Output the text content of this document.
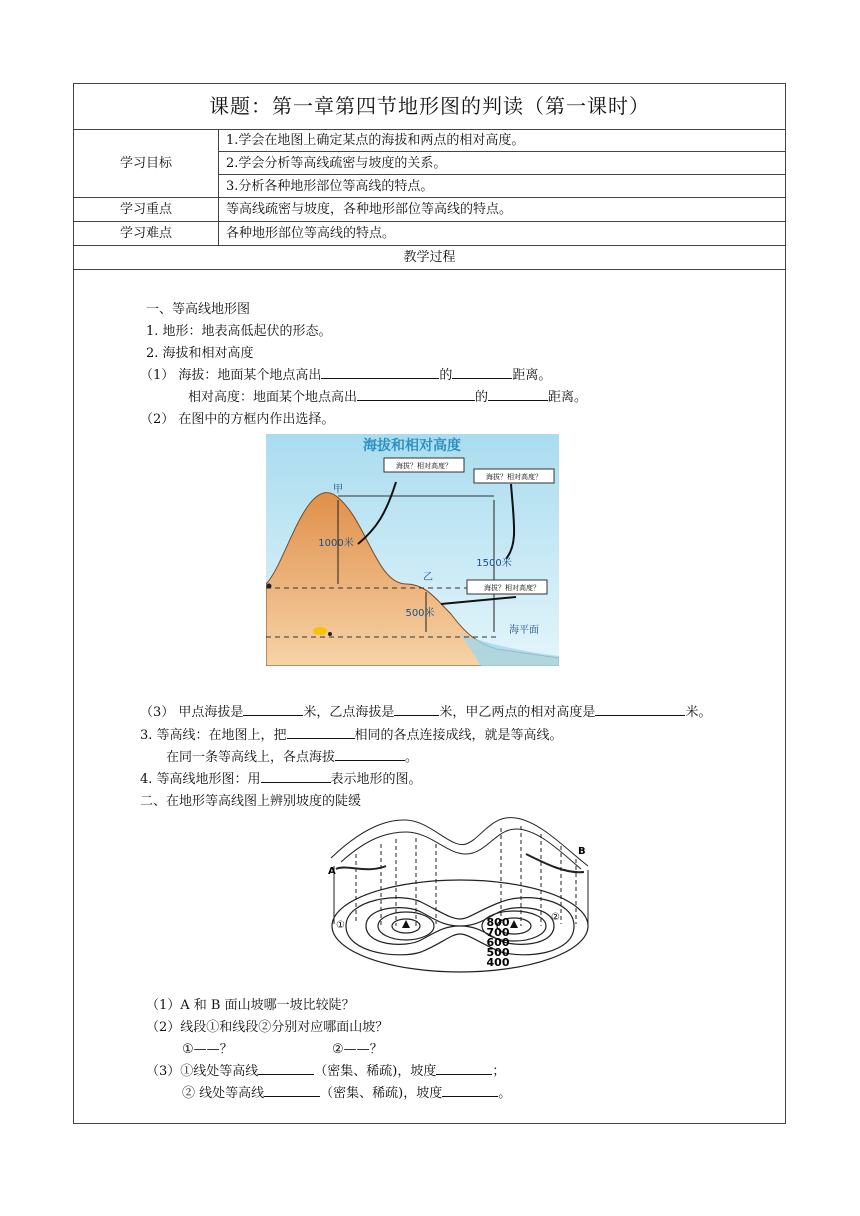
课题：第一章第四节地形图的判读（第一课时）
学习目标
1.学会在地图上确定某点的海拔和两点的相对高度。
2.学会分析等高线疏密与坡度的关系。
3.分析各种地形部位等高线的特点。
学习重点	等高线疏密与坡度，各种地形部位等高线的特点。
学习难点	各种地形部位等高线的特点。
教学过程
一、等高线地形图
1. 地形：地表高低起伏的形态。
2. 海拔和相对高度
（1） 海拔：地面某个地点高出	的	距离。
相对高度：地面某个地点高出	的	距离。
（2） 在图中的方框内作出选择。
海拔和相对高度
海拔？相对高度？
海拔？相对高度？
海拔？相对高度？
甲
乙
1000米
1500米
500米
海平面
（3） 甲点海拔是	米，乙点海拔是	米，甲乙两点的相对高度是	米。
3. 等高线：在地图上，把	相同的各点连接成线，就是等高线。
在同一条等高线上，各点海拔	。
4. 等高线地形图：用	表示地形的图。
二、在地形等高线图上辨别坡度的陡缓
A
B
①
②
800
700
600
500
400
（1）A 和 B 面山坡哪一坡比较陡？
（2）线段①和线段②分别对应哪面山坡？
①——？	②——？
（3）①线处等高线	（密集、稀疏)，坡度	；
② 线处等高线	（密集、稀疏)，坡度	。
